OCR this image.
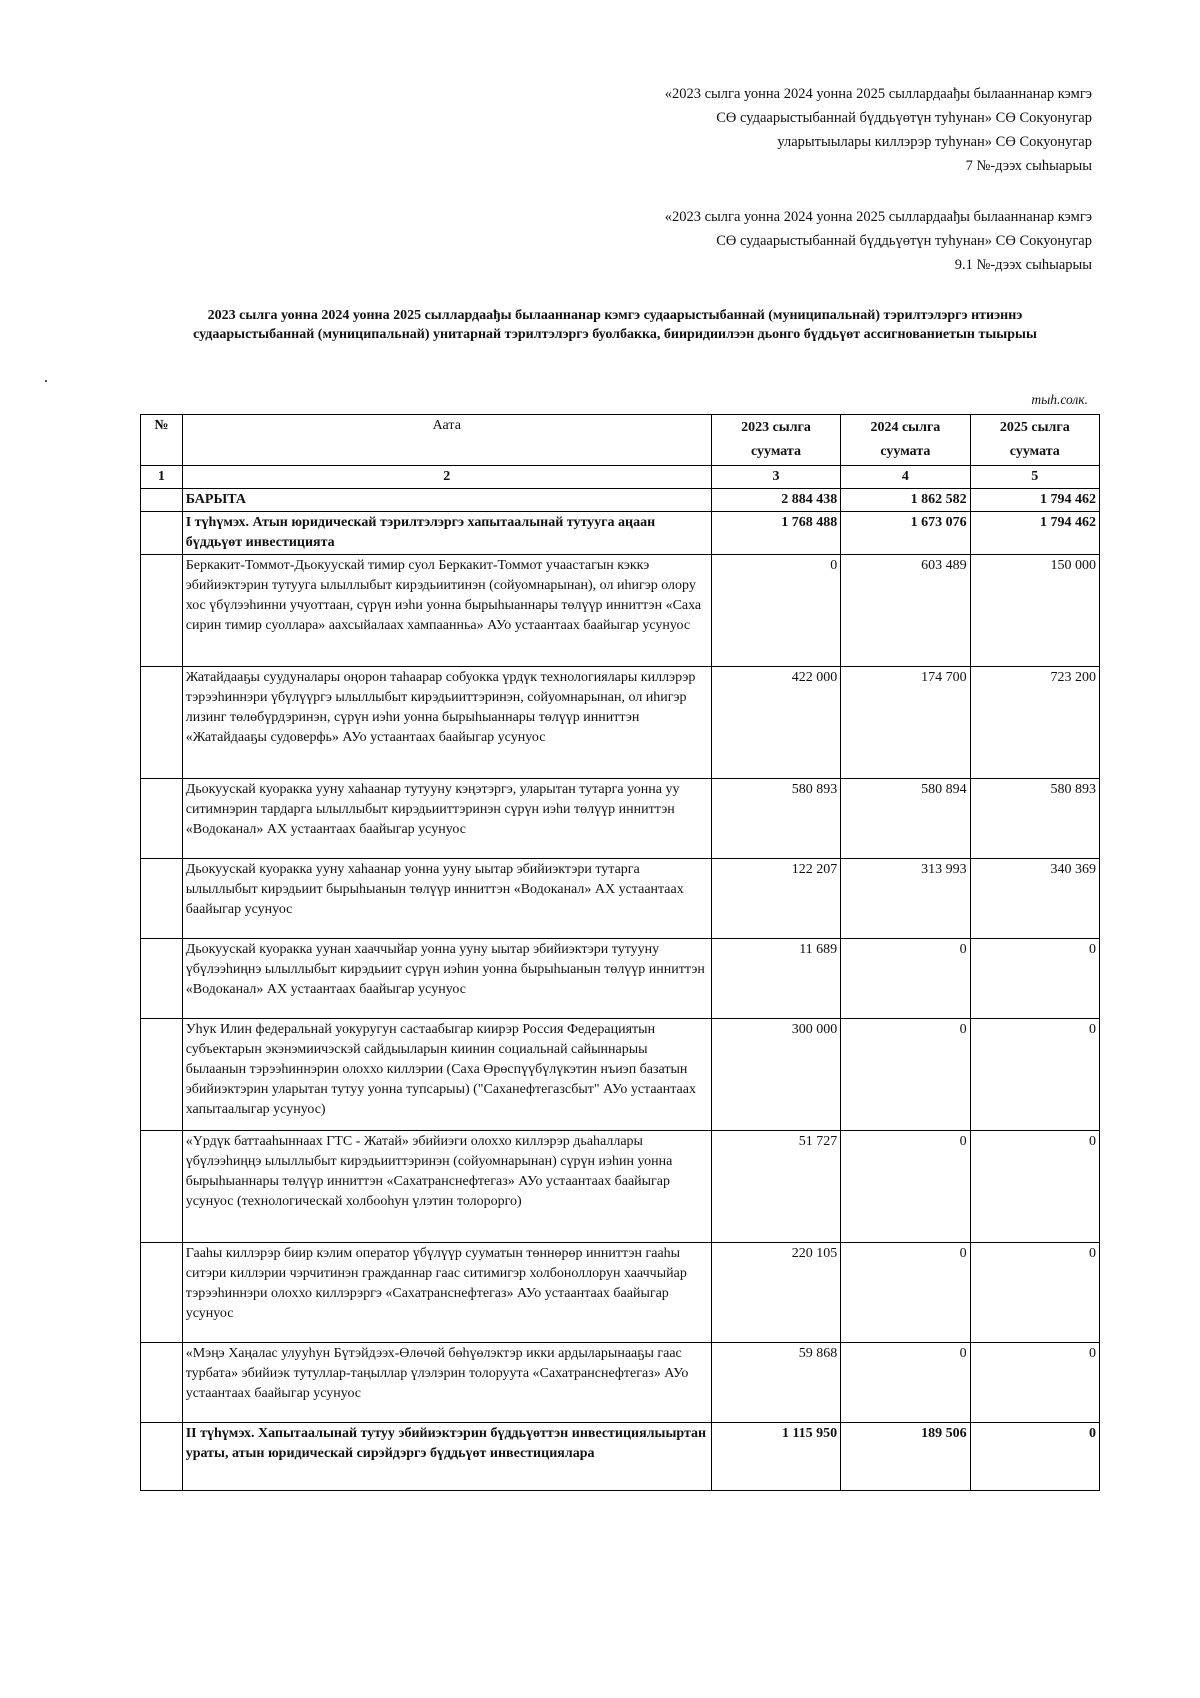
«2023 сылга уонна 2024 уонна 2025 сыллардаађы былааннанар кэмгэ
СӨ судаарыстыбаннай бүддьүөтүн туһунан» СӨ Сокуонугар
уларытыылары киллэрэр туһунан» СӨ Сокуонугар
7 №-дээх сыһыарыы
«2023 сылга уонна 2024 уонна 2025 сыллардаађы былааннанар кэмгэ
СӨ судаарыстыбаннай бүддьүөтүн туһунан» СӨ Сокуонугар
9.1 №-дээх сыһыарыы
2023 сылга уонна 2024 уонна 2025 сыллардаађы былааннанар кэмгэ судаарыстыбаннай (муниципальнай) тэрилтэлэргэ нтиэннэ судаарыстыбаннай (муниципальнай) унитарнай тэрилтэлэргэ буолбакка, бииридиилээн дьонго бүддьүөт ассигнованиетын тыырыы
тыһ.солк.
№	Аата	2023 сылга суумата	2024 сылга суумата	2025 сылга суумата
1	2	3	4	5
	БАРЫТА	2 884 438	1 862 582	1 794 462
	I түһүмэх. Атын юридическай тэрилтэлэргэ хапытаалынай тутууга аңаан бүддьүөт инвестицията	1 768 488	1 673 076	1 794 462
	Беркакит-Томмот-Дьокуускай тимир суол Беркакит-Томмот учаастагын кэккэ эбийиэктэрин тутууга ылыллыбыт кирэдьиитинэн (сойуомнарынан), ол иһигэр олору хос үбүлээһинни учуоттаан, сүрүн иэһи уонна бырыһыаннары төлүүр инниттэн «Саха сирин тимир суоллара» аахсыйалаах хампаанньа» АУо устаантаах баайыгар усунуос	0	603 489	150 000
	Жатайдааҕы суудуналары оңорон таһаарар собуокка үрдүк технологиялары киллэрэр тэрээһиннэри үбүлүүргэ ылыллыбыт кирэдьииттэринэн, сойуомнарынан, ол иһигэр лизинг төлөбүрдэринэн, сүрүн иэһи уонна бырыһыаннары төлүүр инниттэн «Жатайдааҕы судоверфь» АУо устаантаах баайыгар усунуос	422 000	174 700	723 200
	Дьокуускай куоракка ууну хаһаанар тутууну кэңэтэргэ, уларытан тутарга уонна уу ситимнэрин тардарга ылыллыбыт кирэдьииттэринэн сүрүн иэһи төлүүр инниттэн «Водоканал» АХ устаантаах баайыгар усунуос	580 893	580 894	580 893
	Дьокуускай куоракка ууну хаһаанар уонна ууну ыытар эбийиэктэри тутарга ылыллыбыт кирэдьиит бырыһыанын төлүүр инниттэн «Водоканал» АХ устаантаах баайыгар усунуос	122 207	313 993	340 369
	Дьокуускай куоракка уунан хааччыйар уонна ууну ыытар эбийиэктэри тутууну үбүлээһиңнэ ылыллыбыт кирэдьиит сүрүн иэһин уонна бырыһыанын төлүүр инниттэн «Водоканал» АХ устаантаах баайыгар усунуос	11 689	0	0
	Уһук Илин федеральнай уокуругун састаабыгар киирэр Россия Федерациятын субъектарын экэнэмиичэскэй сайдыыларын киинин социальнай сайыннарыы былаанын тэрээһиннэрин олоххо киллэрии (Саха Өрөспүүбүлүкэтин нъиэп базатын эбийиэктэрин уларытан тутуу уонна тупсарыы) ("Саханефтегазсбыт" АУо устаантаах хапытаалыгар усунуос)	300 000	0	0
	«Үрдүк баттааһыннаах ГТС - Жатай» эбийиэги олоххо киллэрэр дьаһаллары үбүлээһиңңэ ылыллыбыт кирэдьииттэринэн (сойуомнарынан) сүрүн иэһин уонна бырыһыаннары төлүүр инниттэн «Сахатранснефтегаз» АУо устаантаах баайыгар усунуос (технологическай холбооһун үлэтин толорорго)	51 727	0	0
	Гааһы киллэрэр биир кэлим оператор үбүлүүр сууматын төннөрөр инниттэн гааһы ситэри киллэрии чэрчитинэн гражданнар гаас ситимигэр холбоноллорун хааччыйар тэрээһиннэри олоххо киллэрэргэ «Сахатранснефтегаз» АУо устаантаах баайыгар усунуос	220 105	0	0
	«Мэңэ Хаңалас улууһун Бүтэйдээх-Өлөчөй бөһүөлэктэр икки ардыларынааҕы гаас турбата» эбийиэк тутуллар-таңыллар үлэлэрин толоруута «Сахатранснефтегаз» АУо устаантаах баайыгар усунуос	59 868	0	0
	II түһүмэх. Хапытаалынай тутуу эбийиэктэрин бүддьүөттэн инвестициялыыртан ураты, атын юридическай сирэйдэргэ бүддьүөт инвестициялара	1 115 950	189 506	0
